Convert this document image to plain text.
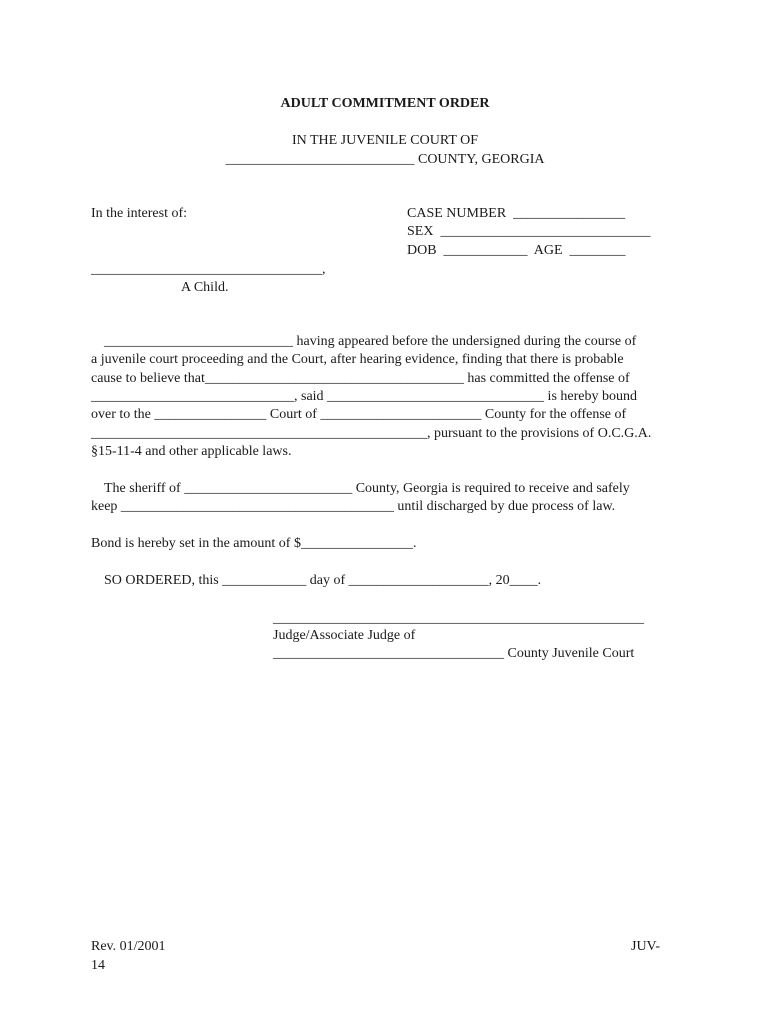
ADULT COMMITMENT ORDER
IN THE JUVENILE COURT OF
___________________________ COUNTY, GEORGIA
In the interest of:	CASE NUMBER  ________________
SEX  ______________________________
DOB  ____________  AGE  ________
_________________________________,
A Child.
___________________________ having appeared before the undersigned during the course of
a juvenile court proceeding and the Court, after hearing evidence, finding that there is probable
cause to believe that_____________________________________ has committed the offense of
_____________________________, said _______________________________ is hereby bound
over to the ________________ Court of _______________________ County for the offense of
________________________________________________, pursuant to the provisions of O.C.G.A.
§15-11-4 and other applicable laws.
The sheriff of ________________________ County, Georgia is required to receive and safely
keep _______________________________________ until discharged by due process of law.
Bond is hereby set in the amount of $________________.
SO ORDERED, this ____________ day of ____________________, 20____.
_____________________________________________________
Judge/Associate Judge of
_________________________________ County Juvenile Court
Rev. 01/2001	JUV-
14
